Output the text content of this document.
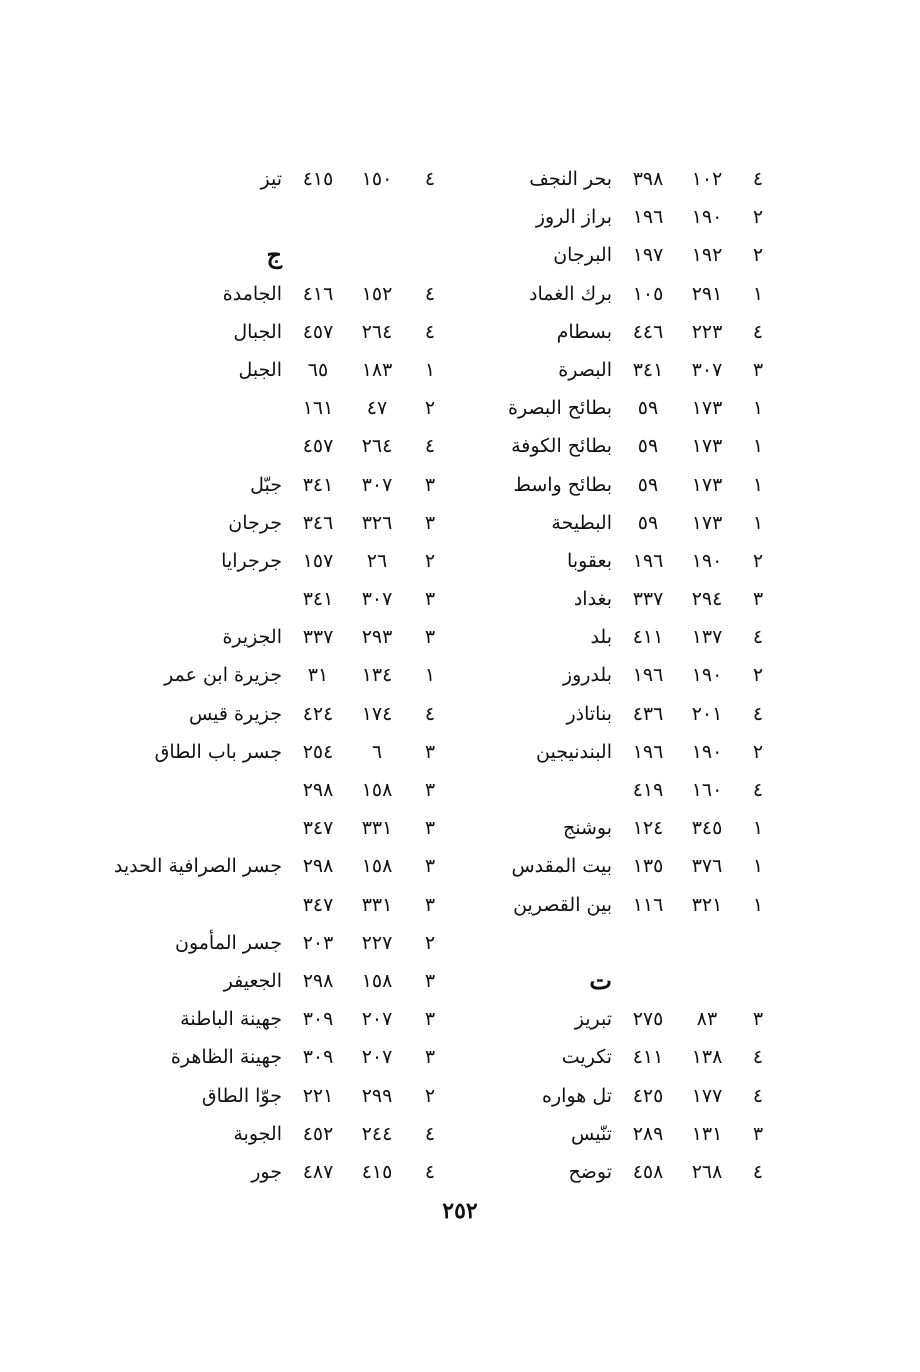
٤
١٠٢
٣٩٨
بحر النجف
٢
١٩٠
١٩٦
براز الروز
٢
١٩٢
١٩٧
البرجان
١
٢٩١
١٠٥
برك الغماد
٤
٢٢٣
٤٤٦
بسطام
٣
٣٠٧
٣٤١
البصرة
١
١٧٣
٥٩
بطائح البصرة
١
١٧٣
٥٩
بطائح الكوفة
١
١٧٣
٥٩
بطائح واسط
١
١٧٣
٥٩
البطيحة
٢
١٩٠
١٩٦
بعقوبا
٣
٢٩٤
٣٣٧
بغداد
٤
١٣٧
٤١١
بلد
٢
١٩٠
١٩٦
بلدروز
٤
٢٠١
٤٣٦
بناتاذر
٢
١٩٠
١٩٦
البندنيجين
٤
١٦٠
٤١٩
١
٣٤٥
١٢٤
بوشنج
١
٣٧٦
١٣٥
بيت المقدس
١
٣٢١
١١٦
بين القصرين
ت
٣
٨٣
٢٧٥
تبريز
٤
١٣٨
٤١١
تكريت
٤
١٧٧
٤٢٥
تل هواره
٣
١٣١
٢٨٩
تنّيس
٤
٢٦٨
٤٥٨
توضح
٤
١٥٠
٤١٥
تيز
ج
٤
١٥٢
٤١٦
الجامدة
٤
٢٦٤
٤٥٧
الجبال
١
١٨٣
٦٥
الجبل
٢
٤٧
١٦١
٤
٢٦٤
٤٥٧
٣
٣٠٧
٣٤١
جبّل
٣
٣٢٦
٣٤٦
جرجان
٢
٢٦
١٥٧
جرجرايا
٣
٣٠٧
٣٤١
٣
٢٩٣
٣٣٧
الجزيرة
١
١٣٤
٣١
جزيرة ابن عمر
٤
١٧٤
٤٢٤
جزيرة قيس
٣
٦
٢٥٤
جسر باب الطاق
٣
١٥٨
٢٩٨
٣
٣٣١
٣٤٧
٣
١٥٨
٢٩٨
جسر الصرافية الحديد
٣
٣٣١
٣٤٧
٢
٢٢٧
٢٠٣
جسر المأمون
٣
١٥٨
٢٩٨
الجعيفر
٣
٢٠٧
٣٠٩
جهينة الباطنة
٣
٢٠٧
٣٠٩
جهينة الظاهرة
٢
٢٩٩
٢٢١
جوّا الطاق
٤
٢٤٤
٤٥٢
الجوبة
٤
٤١٥
٤٨٧
جور
٢٥٢
